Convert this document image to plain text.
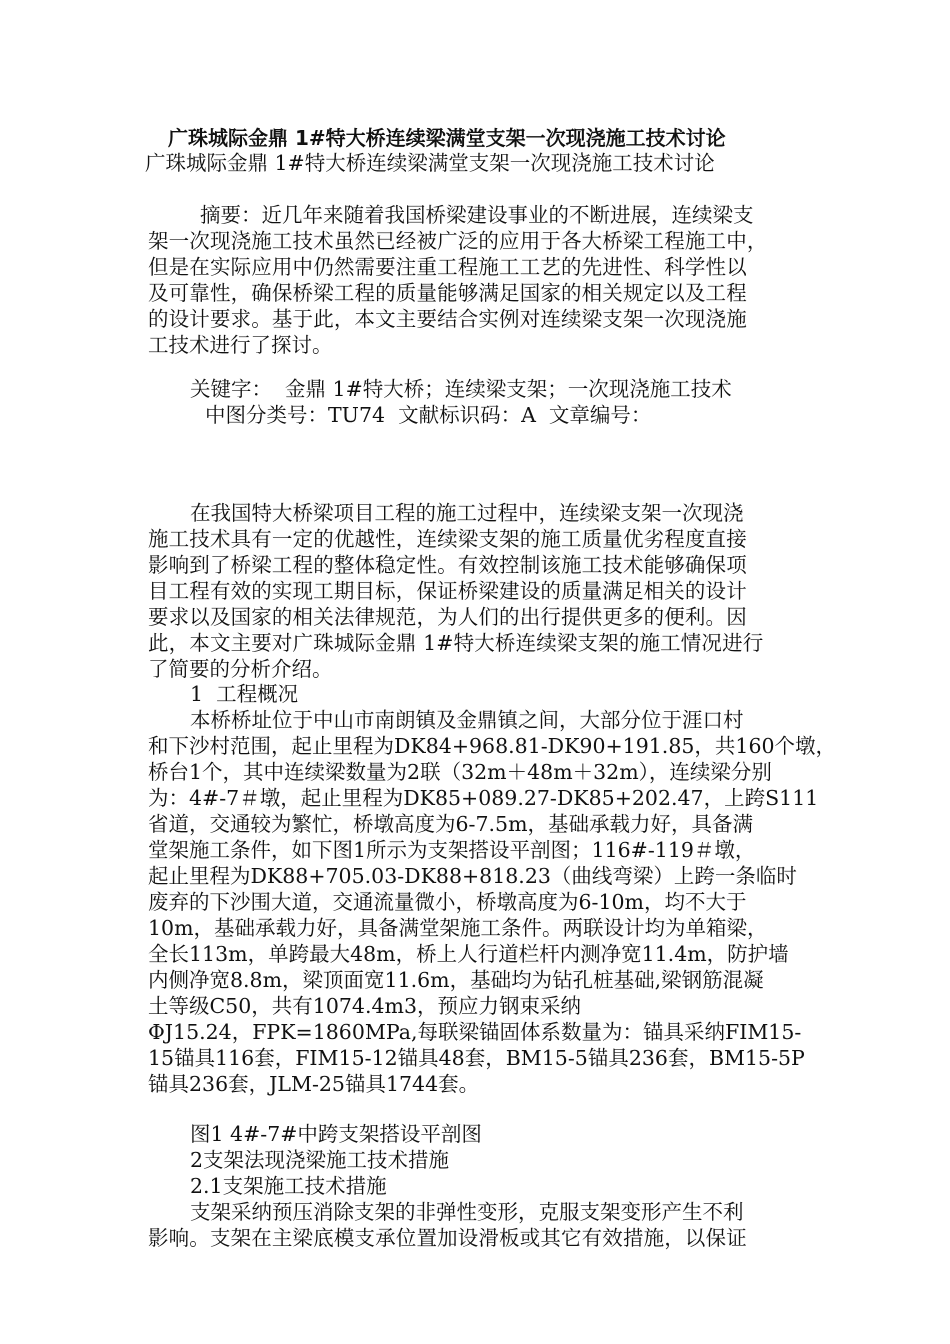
广珠城际金鼎 1#特大桥连续梁满堂支架一次现浇施工技术讨论
广珠城际金鼎 1#特大桥连续梁满堂支架一次现浇施工技术讨论
摘要：近几年来随着我国桥梁建设事业的不断进展，连续梁支
架一次现浇施工技术虽然已经被广泛的应用于各大桥梁工程施工中，
但是在实际应用中仍然需要注重工程施工工艺的先进性、科学性以
及可靠性，确保桥梁工程的质量能够满足国家的相关规定以及工程
的设计要求。基于此，本文主要结合实例对连续梁支架一次现浇施
工技术进行了探讨。
关键字：  金鼎 1#特大桥；连续梁支架；一次现浇施工技术
中图分类号：TU74  文献标识码：A  文章编号：
在我国特大桥梁项目工程的施工过程中，连续梁支架一次现浇
施工技术具有一定的优越性，连续梁支架的施工质量优劣程度直接
影响到了桥梁工程的整体稳定性。有效控制该施工技术能够确保项
目工程有效的实现工期目标，保证桥梁建设的质量满足相关的设计
要求以及国家的相关法律规范，为人们的出行提供更多的便利。因
此，本文主要对广珠城际金鼎 1#特大桥连续梁支架的施工情况进行
了简要的分析介绍。
1  工程概况
本桥桥址位于中山市南朗镇及金鼎镇之间，大部分位于涯口村
和下沙村范围，起止里程为DK84+968.81-DK90+191.85，共160个墩，
桥台1个，其中连续梁数量为2联（32m＋48m＋32m），连续梁分别
为：4#-7＃墩，起止里程为DK85+089.27-DK85+202.47，上跨S111
省道，交通较为繁忙，桥墩高度为6-7.5m，基础承载力好，具备满
堂架施工条件，如下图1所示为支架搭设平剖图；116#-119＃墩，
起止里程为DK88+705.03-DK88+818.23（曲线弯梁）上跨一条临时
废弃的下沙围大道，交通流量微小，桥墩高度为6-10m，均不大于
10m，基础承载力好，具备满堂架施工条件。两联设计均为单箱梁，
全长113m，单跨最大48m，桥上人行道栏杆内测净宽11.4m，防护墙
内侧净宽8.8m，梁顶面宽11.6m，基础均为钻孔桩基础,梁钢筋混凝
土等级C50，共有1074.4m3，预应力钢束采纳
ΦJ15.24，FPK=1860MPa,每联梁锚固体系数量为：锚具采纳FIM15-
15锚具116套，FIM15-12锚具48套，BM15-5锚具236套，BM15-5P
锚具236套，JLM-25锚具1744套。
图1 4#-7#中跨支架搭设平剖图
2支架法现浇梁施工技术措施
2.1支架施工技术措施
支架采纳预压消除支架的非弹性变形，克服支架变形产生不利
影响。支架在主梁底模支承位置加设滑板或其它有效措施，以保证
